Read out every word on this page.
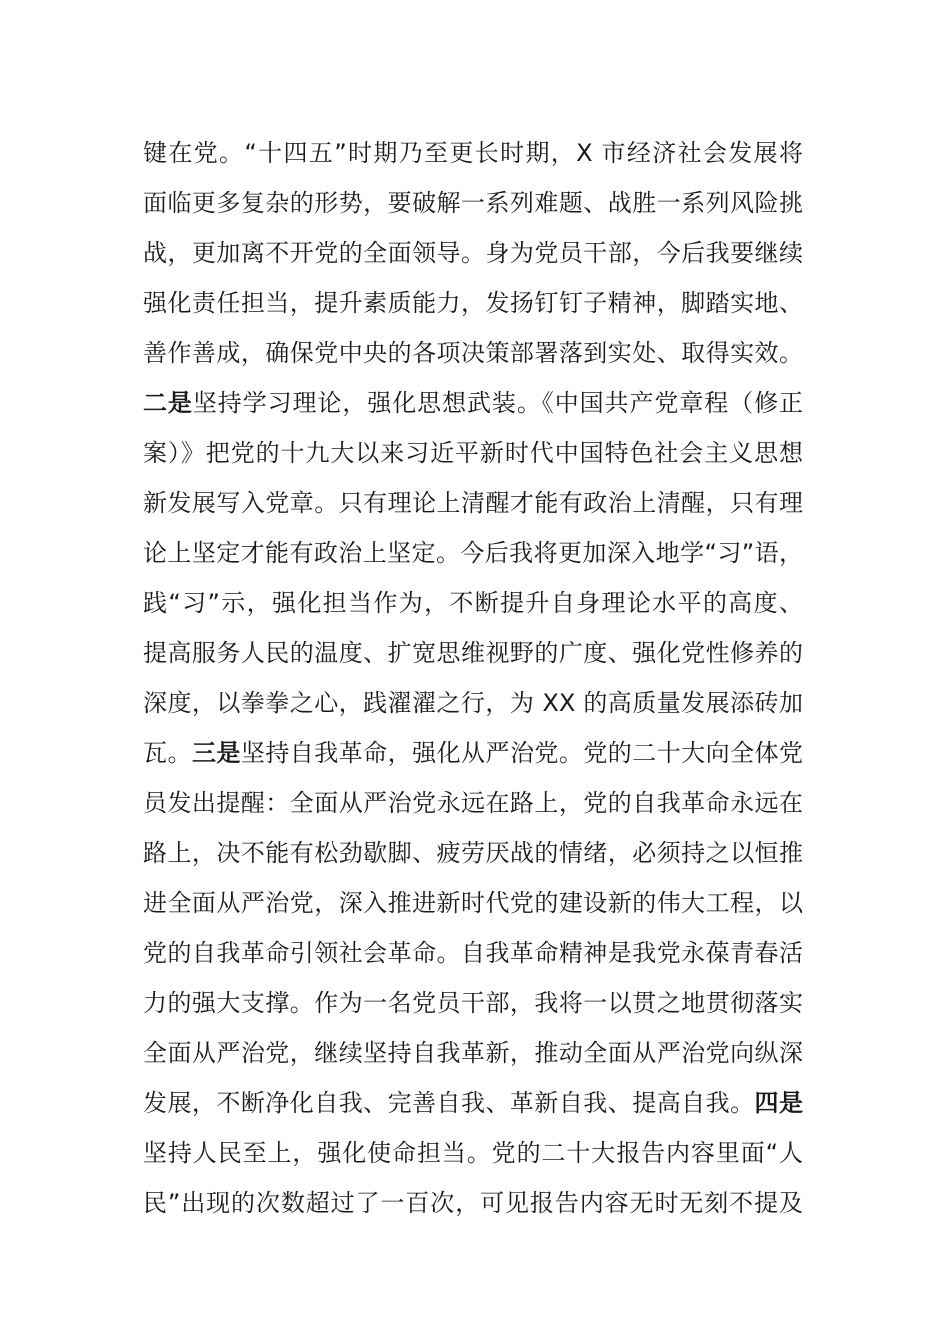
键在党。“十四五”时期乃至更长时期，X 市经济社会发展将
面临更多复杂的形势，要破解一系列难题、战胜一系列风险挑
战，更加离不开党的全面领导。身为党员干部，今后我要继续
强化责任担当，提升素质能力，发扬钉钉子精神，脚踏实地、
善作善成，确保党中央的各项决策部署落到实处、取得实效。
二是坚持学习理论，强化思想武装。《中国共产党章程（修正
案）》把党的十九大以来习近平新时代中国特色社会主义思想
新发展写入党章。只有理论上清醒才能有政治上清醒，只有理
论上坚定才能有政治上坚定。今后我将更加深入地学“习”语，
践“习”示，强化担当作为，不断提升自身理论水平的高度、
提高服务人民的温度、扩宽思维视野的广度、强化党性修养的
深度，以拳拳之心，践濯濯之行，为 XX 的高质量发展添砖加
瓦。三是坚持自我革命，强化从严治党。党的二十大向全体党
员发出提醒：全面从严治党永远在路上，党的自我革命永远在
路上，决不能有松劲歇脚、疲劳厌战的情绪，必须持之以恒推
进全面从严治党，深入推进新时代党的建设新的伟大工程，以
党的自我革命引领社会革命。自我革命精神是我党永葆青春活
力的强大支撑。作为一名党员干部，我将一以贯之地贯彻落实
全面从严治党，继续坚持自我革新，推动全面从严治党向纵深
发展，不断净化自我、完善自我、革新自我、提高自我。四是
坚持人民至上，强化使命担当。党的二十大报告内容里面“人
民”出现的次数超过了一百次，可见报告内容无时无刻不提及
